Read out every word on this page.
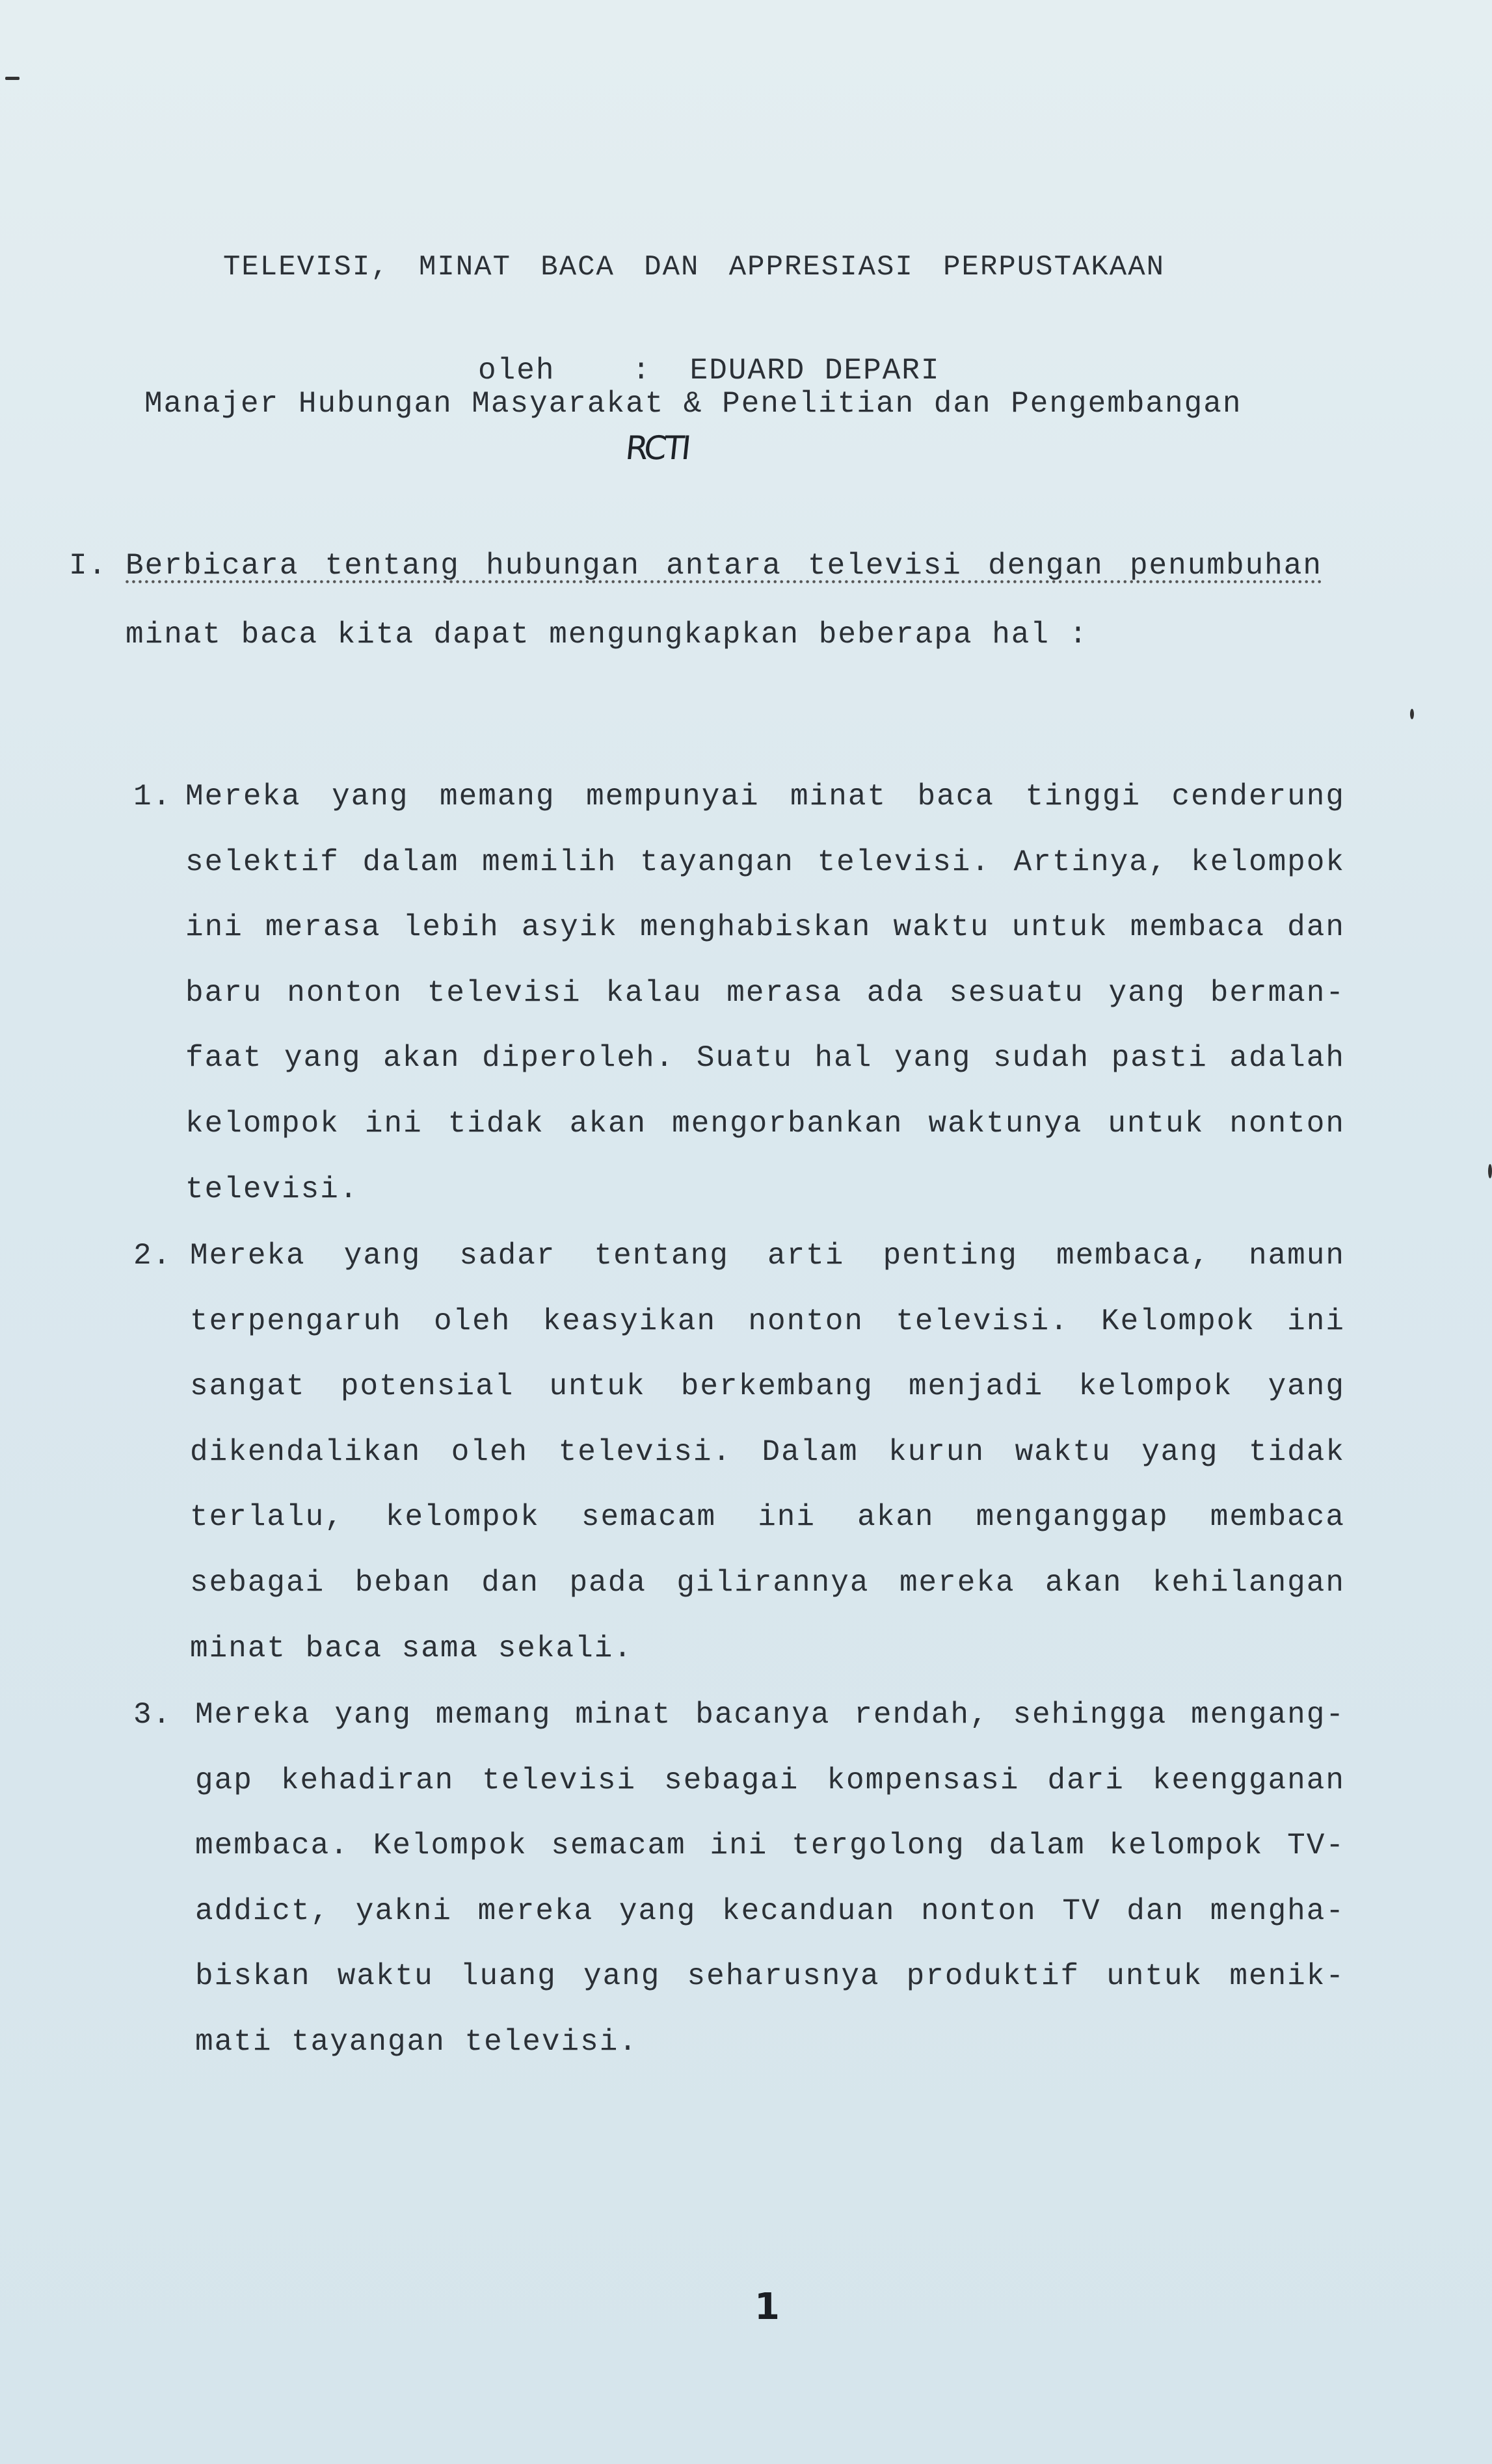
TELEVISI, MINAT BACA DAN APPRESIASI PERPUSTAKAAN
oleh    :  EDUARD DEPARI
Manajer Hubungan Masyarakat & Penelitian dan Pengembangan
RCTI
I. Berbicara tentang hubungan antara televisi dengan penumbuhan
minat baca kita dapat mengungkapkan beberapa hal :
1. Mereka yang memang mempunyai minat baca tinggi cenderung
selektif dalam memilih tayangan televisi. Artinya, kelompok
ini merasa lebih asyik menghabiskan waktu untuk membaca dan
baru nonton televisi kalau merasa ada sesuatu yang berman-
faat yang akan diperoleh. Suatu hal yang sudah pasti adalah
kelompok ini tidak akan mengorbankan waktunya untuk nonton
televisi.
2. Mereka yang sadar tentang arti penting membaca, namun
terpengaruh oleh keasyikan nonton televisi. Kelompok ini
sangat potensial untuk berkembang menjadi kelompok yang
dikendalikan oleh televisi. Dalam kurun waktu yang tidak
terlalu, kelompok semacam ini akan menganggap membaca
sebagai beban dan pada gilirannya mereka akan kehilangan
minat baca sama sekali.
3. Mereka yang memang minat bacanya rendah, sehingga mengang-
gap kehadiran televisi sebagai kompensasi dari keengganan
membaca. Kelompok semacam ini tergolong dalam kelompok TV-
addict, yakni mereka yang kecanduan nonton TV dan mengha-
biskan waktu luang yang seharusnya produktif untuk menik-
mati tayangan televisi.
1
